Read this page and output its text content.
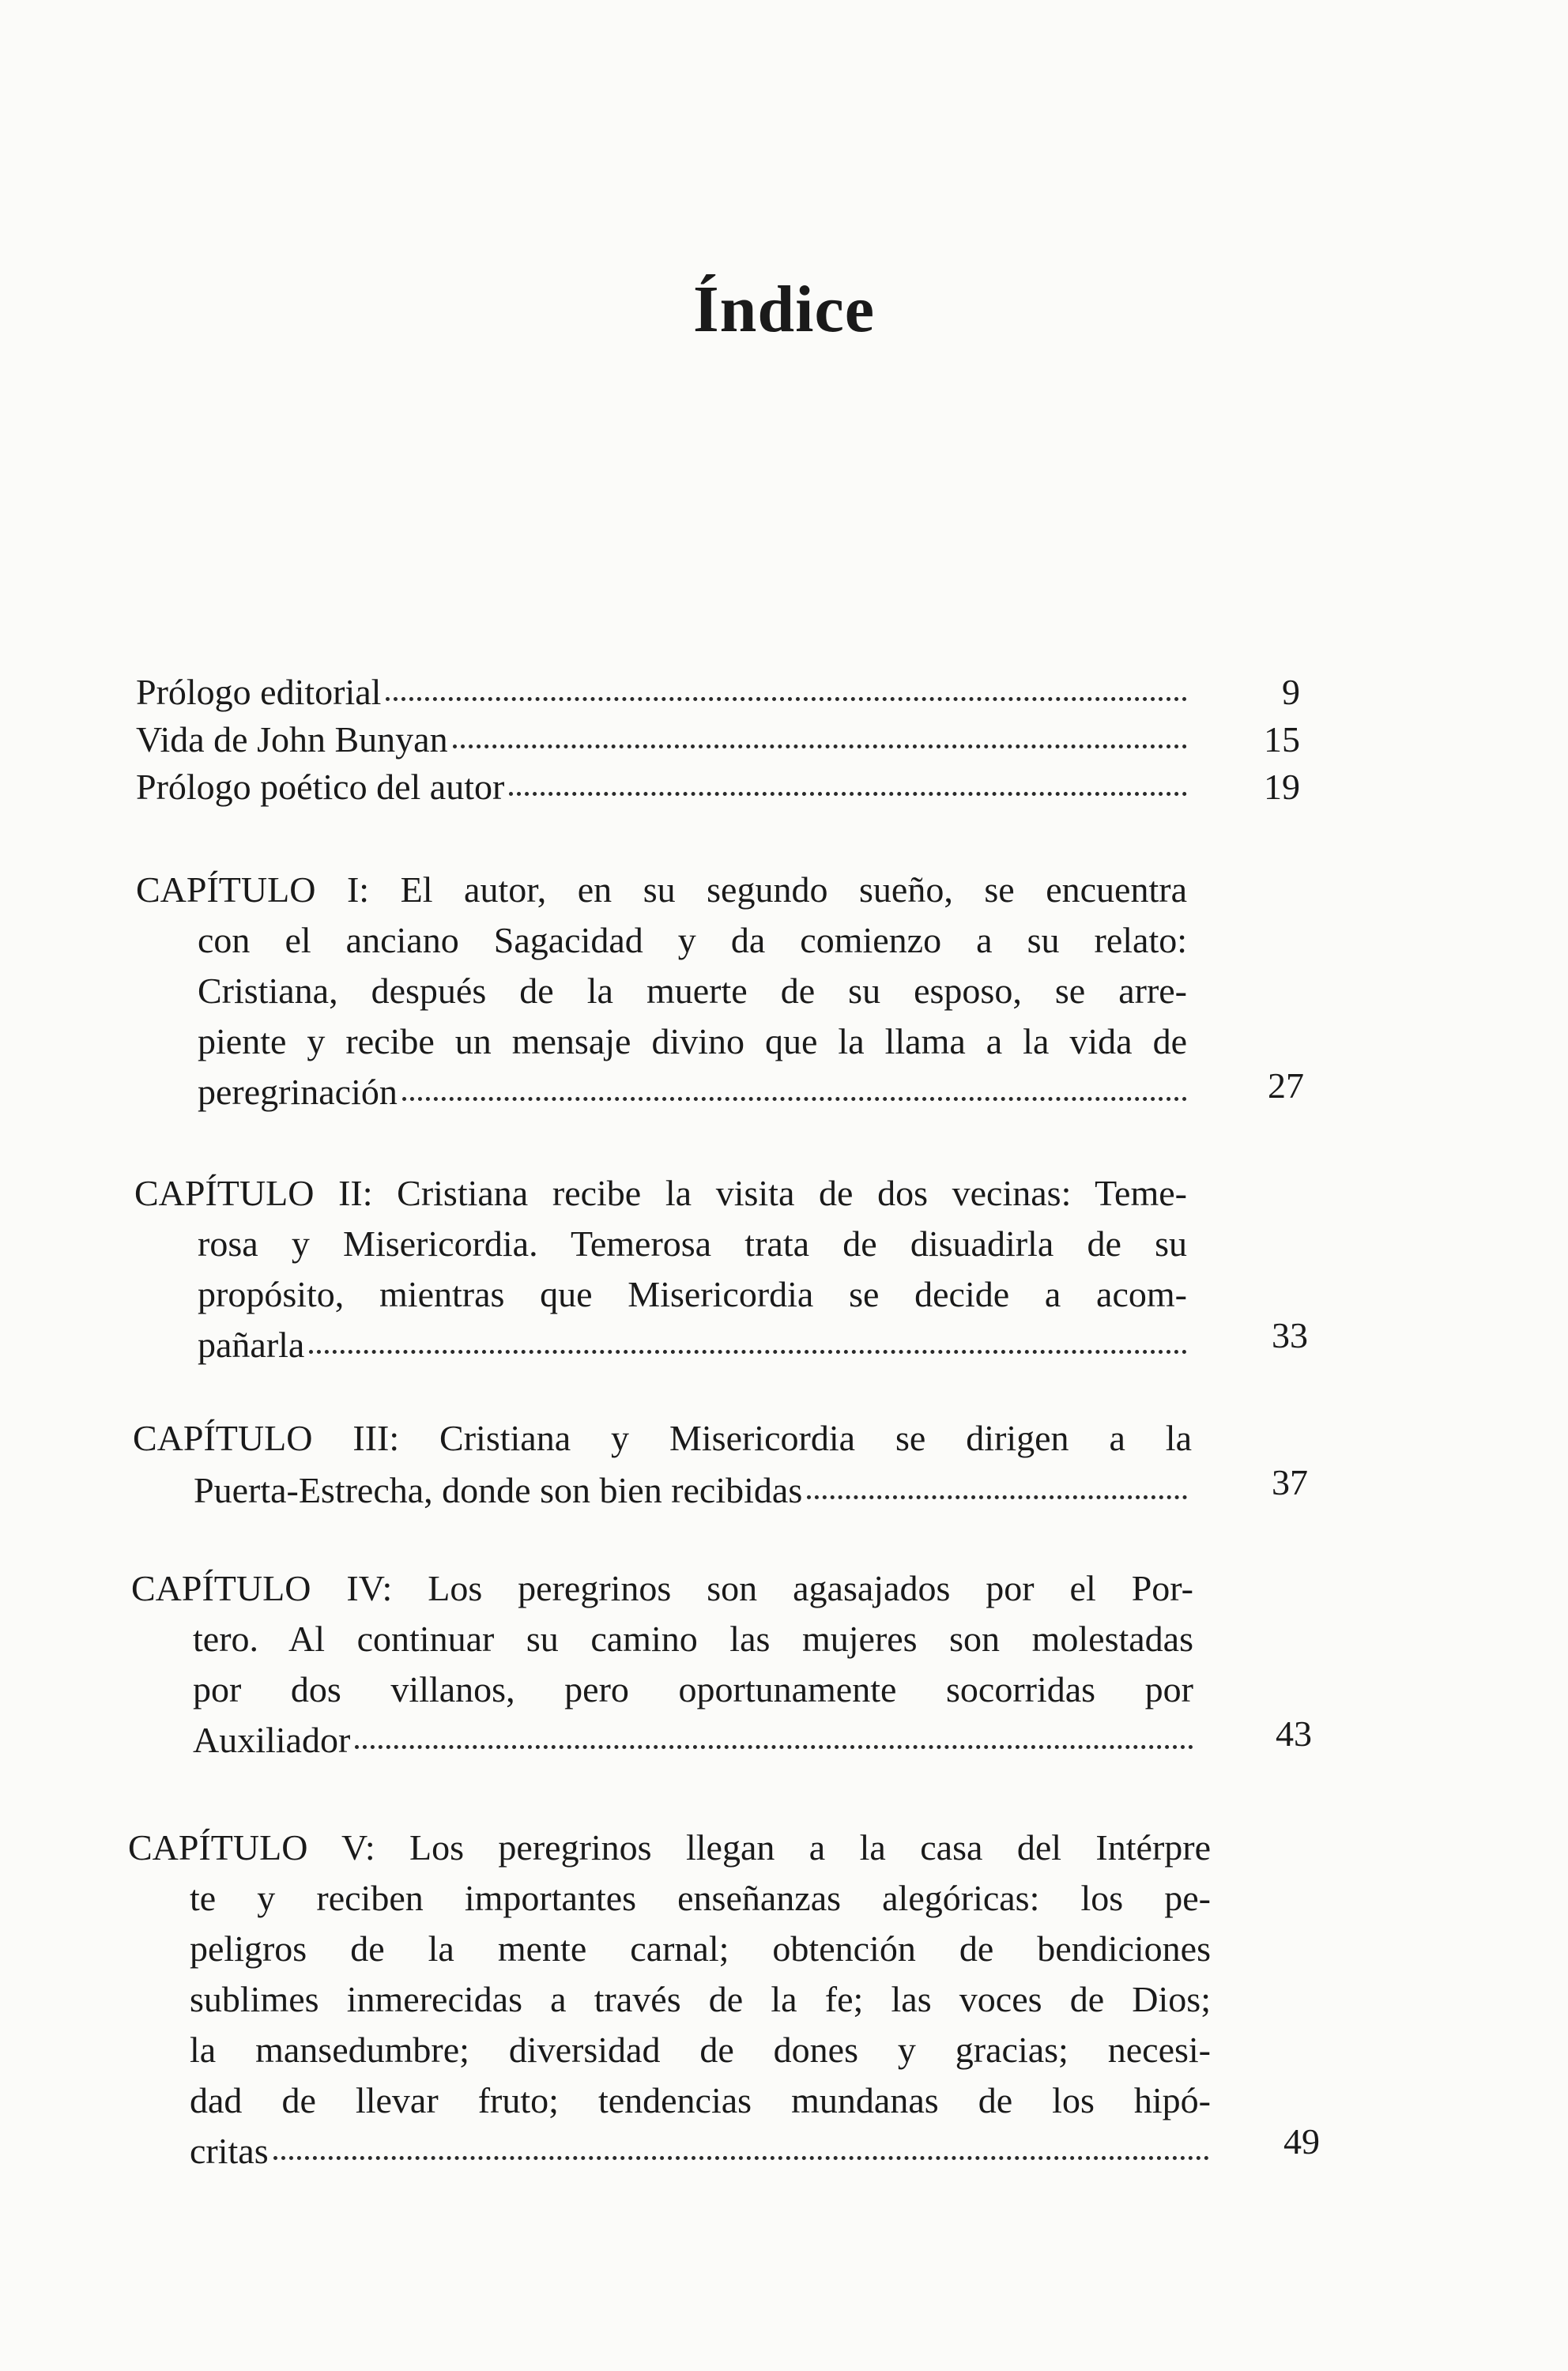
Índice
Prólogo editorial	9
Vida de John Bunyan	15
Prólogo poético del autor	19
CAPÍTULO I: El autor, en su segundo sueño, se encuentra
con el anciano Sagacidad y da comienzo a su relato:
Cristiana, después de la muerte de su esposo, se arre-
piente y recibe un mensaje divino que la llama a la vida de
peregrinación	27
CAPÍTULO II: Cristiana recibe la visita de dos vecinas: Teme-
rosa y Misericordia. Temerosa trata de disuadirla de su
propósito, mientras que Misericordia se decide a acom-
pañarla	33
CAPÍTULO III: Cristiana y Misericordia se dirigen a la
Puerta-Estrecha, donde son bien recibidas	37
CAPÍTULO IV: Los peregrinos son agasajados por el Por-
tero. Al continuar su camino las mujeres son molestadas
por dos villanos, pero oportunamente socorridas por
Auxiliador	43
CAPÍTULO V: Los peregrinos llegan a la casa del Intérpre
te y reciben importantes enseñanzas alegóricas: los pe-
peligros de la mente carnal; obtención de bendiciones
sublimes inmerecidas a través de la fe; las voces de Dios;
la mansedumbre; diversidad de dones y gracias; necesi-
dad de llevar fruto; tendencias mundanas de los hipó-
critas	49
